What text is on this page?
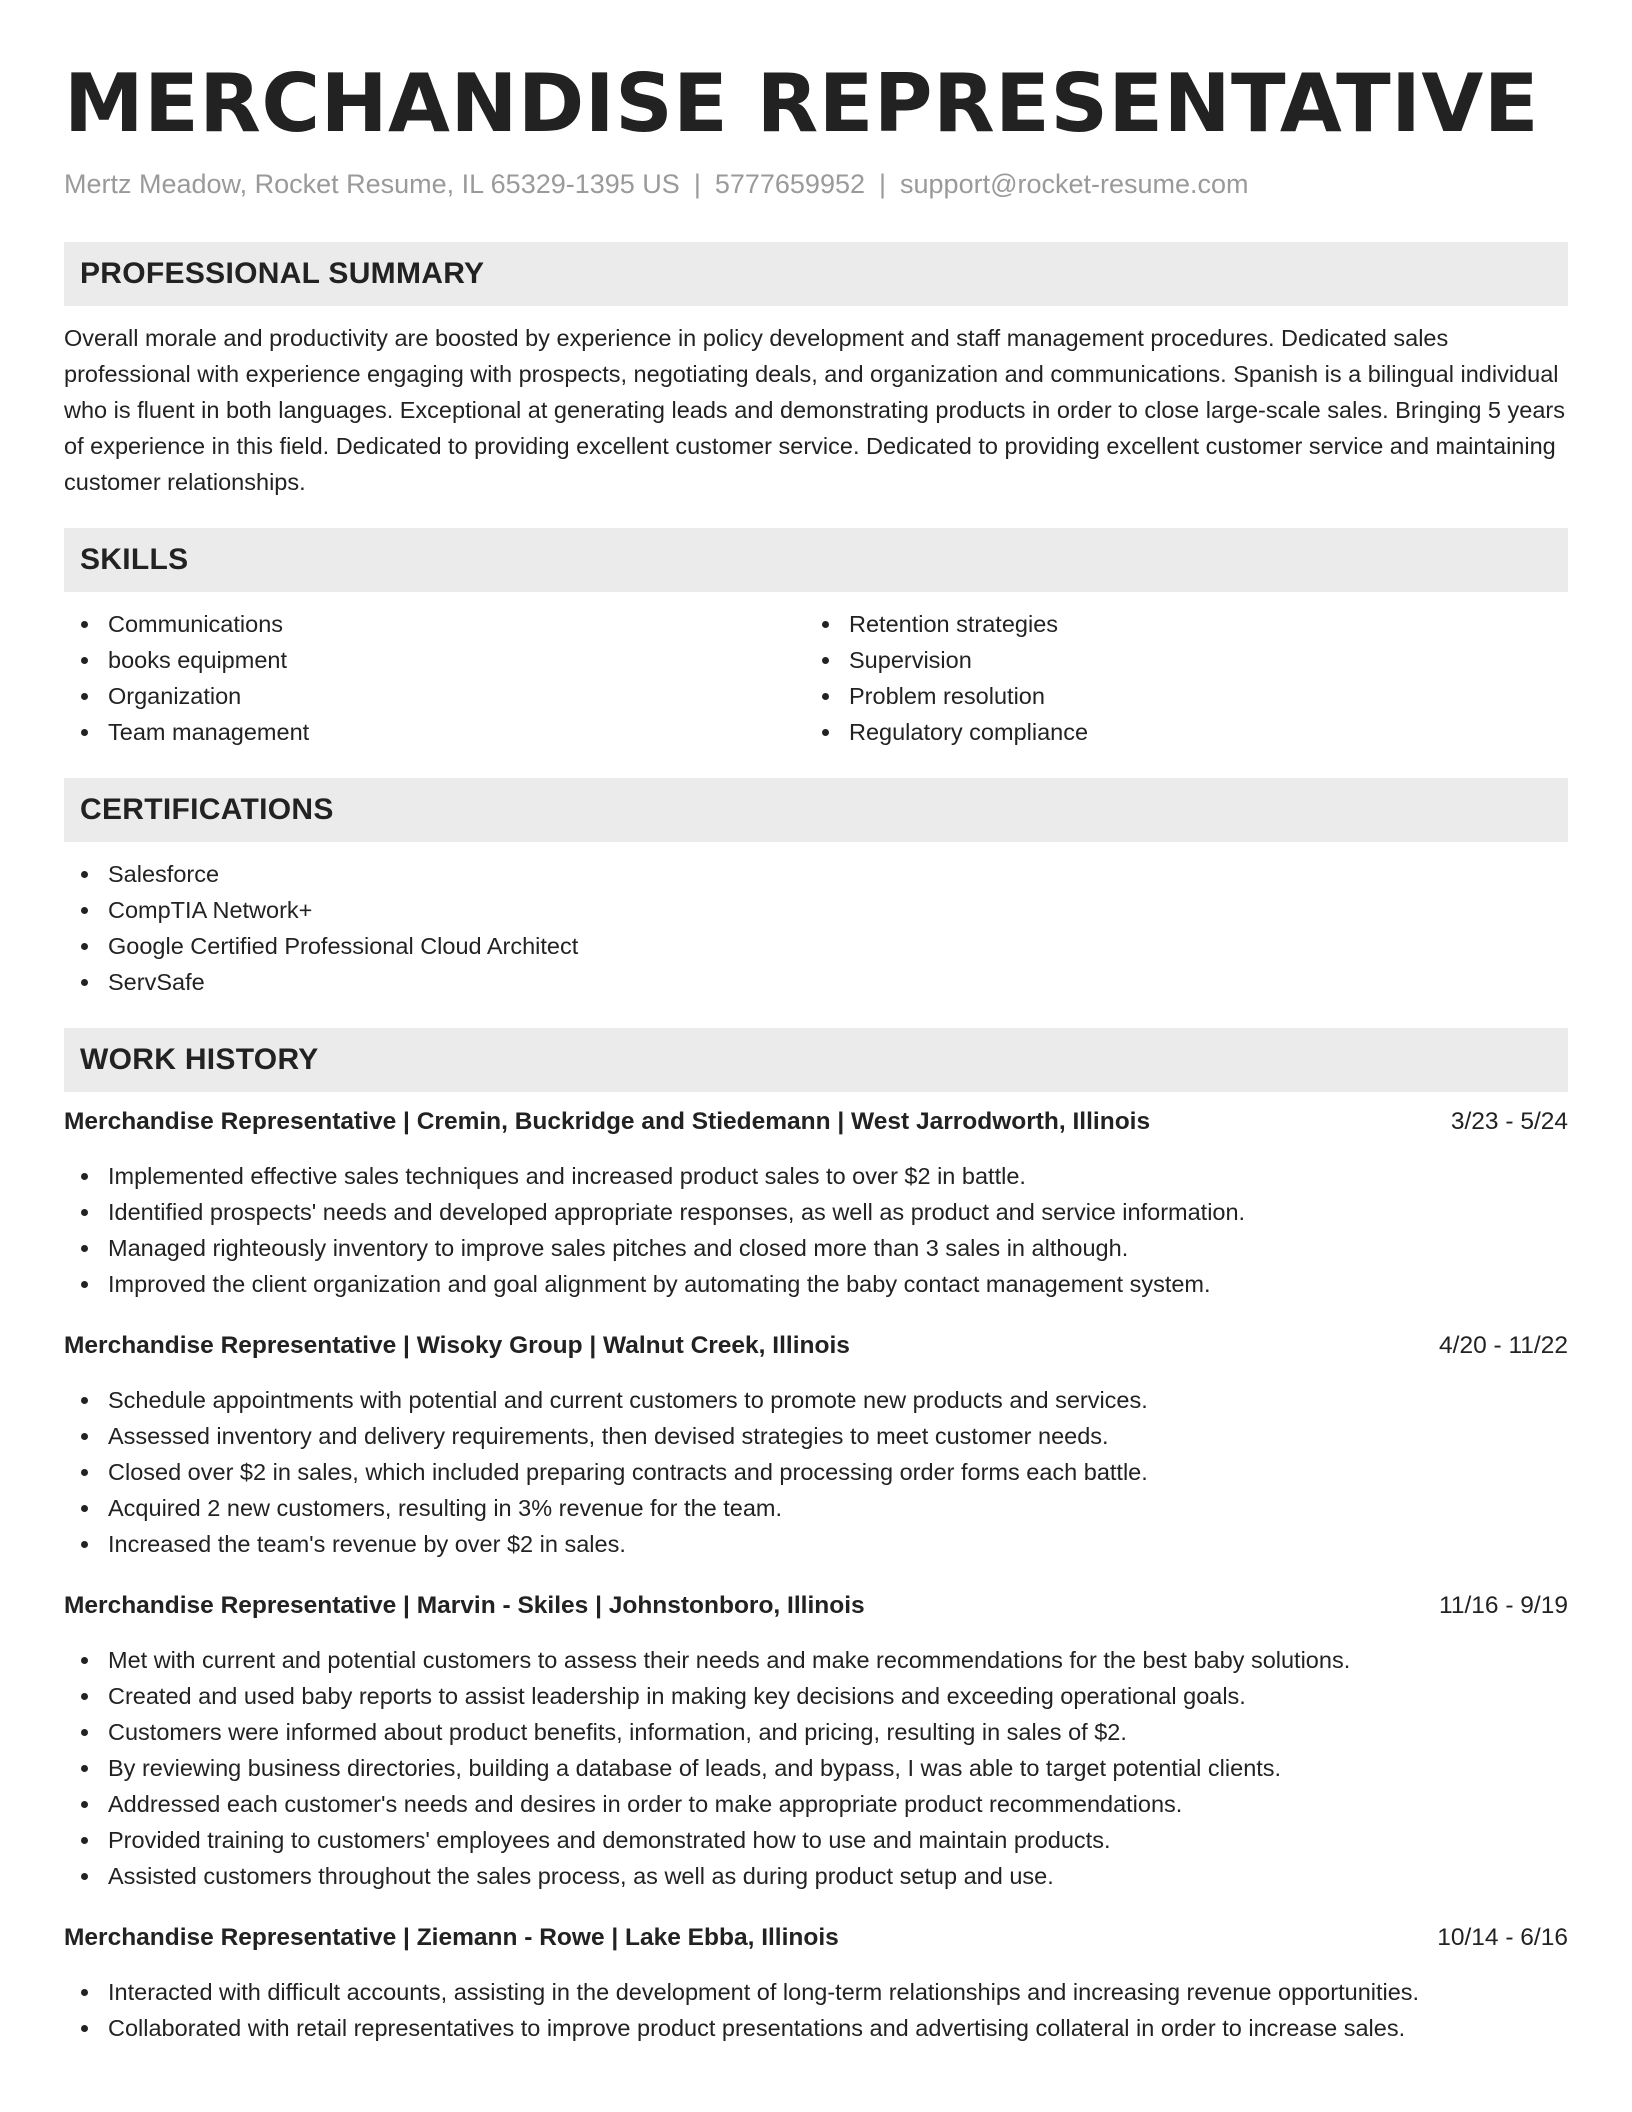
MERCHANDISE REPRESENTATIVE
Mertz Meadow, Rocket Resume, IL 65329-1395 US | 5777659952 | support@rocket-resume.com
PROFESSIONAL SUMMARY
Overall morale and productivity are boosted by experience in policy development and staff management procedures. Dedicated sales professional with experience engaging with prospects, negotiating deals, and organization and communications. Spanish is a bilingual individual who is fluent in both languages. Exceptional at generating leads and demonstrating products in order to close large-scale sales. Bringing 5 years of experience in this field. Dedicated to providing excellent customer service. Dedicated to providing excellent customer service and maintaining customer relationships.
SKILLS
Communications
books equipment
Organization
Team management
Retention strategies
Supervision
Problem resolution
Regulatory compliance
CERTIFICATIONS
Salesforce
CompTIA Network+
Google Certified Professional Cloud Architect
ServSafe
WORK HISTORY
Merchandise Representative | Cremin, Buckridge and Stiedemann | West Jarrodworth, Illinois	3/23 - 5/24
Implemented effective sales techniques and increased product sales to over $2 in battle.
Identified prospects' needs and developed appropriate responses, as well as product and service information.
Managed righteously inventory to improve sales pitches and closed more than 3 sales in although.
Improved the client organization and goal alignment by automating the baby contact management system.
Merchandise Representative | Wisoky Group | Walnut Creek, Illinois	4/20 - 11/22
Schedule appointments with potential and current customers to promote new products and services.
Assessed inventory and delivery requirements, then devised strategies to meet customer needs.
Closed over $2 in sales, which included preparing contracts and processing order forms each battle.
Acquired 2 new customers, resulting in 3% revenue for the team.
Increased the team's revenue by over $2 in sales.
Merchandise Representative | Marvin - Skiles | Johnstonboro, Illinois	11/16 - 9/19
Met with current and potential customers to assess their needs and make recommendations for the best baby solutions.
Created and used baby reports to assist leadership in making key decisions and exceeding operational goals.
Customers were informed about product benefits, information, and pricing, resulting in sales of $2.
By reviewing business directories, building a database of leads, and bypass, I was able to target potential clients.
Addressed each customer's needs and desires in order to make appropriate product recommendations.
Provided training to customers' employees and demonstrated how to use and maintain products.
Assisted customers throughout the sales process, as well as during product setup and use.
Merchandise Representative | Ziemann - Rowe | Lake Ebba, Illinois	10/14 - 6/16
Interacted with difficult accounts, assisting in the development of long-term relationships and increasing revenue opportunities.
Collaborated with retail representatives to improve product presentations and advertising collateral in order to increase sales.
